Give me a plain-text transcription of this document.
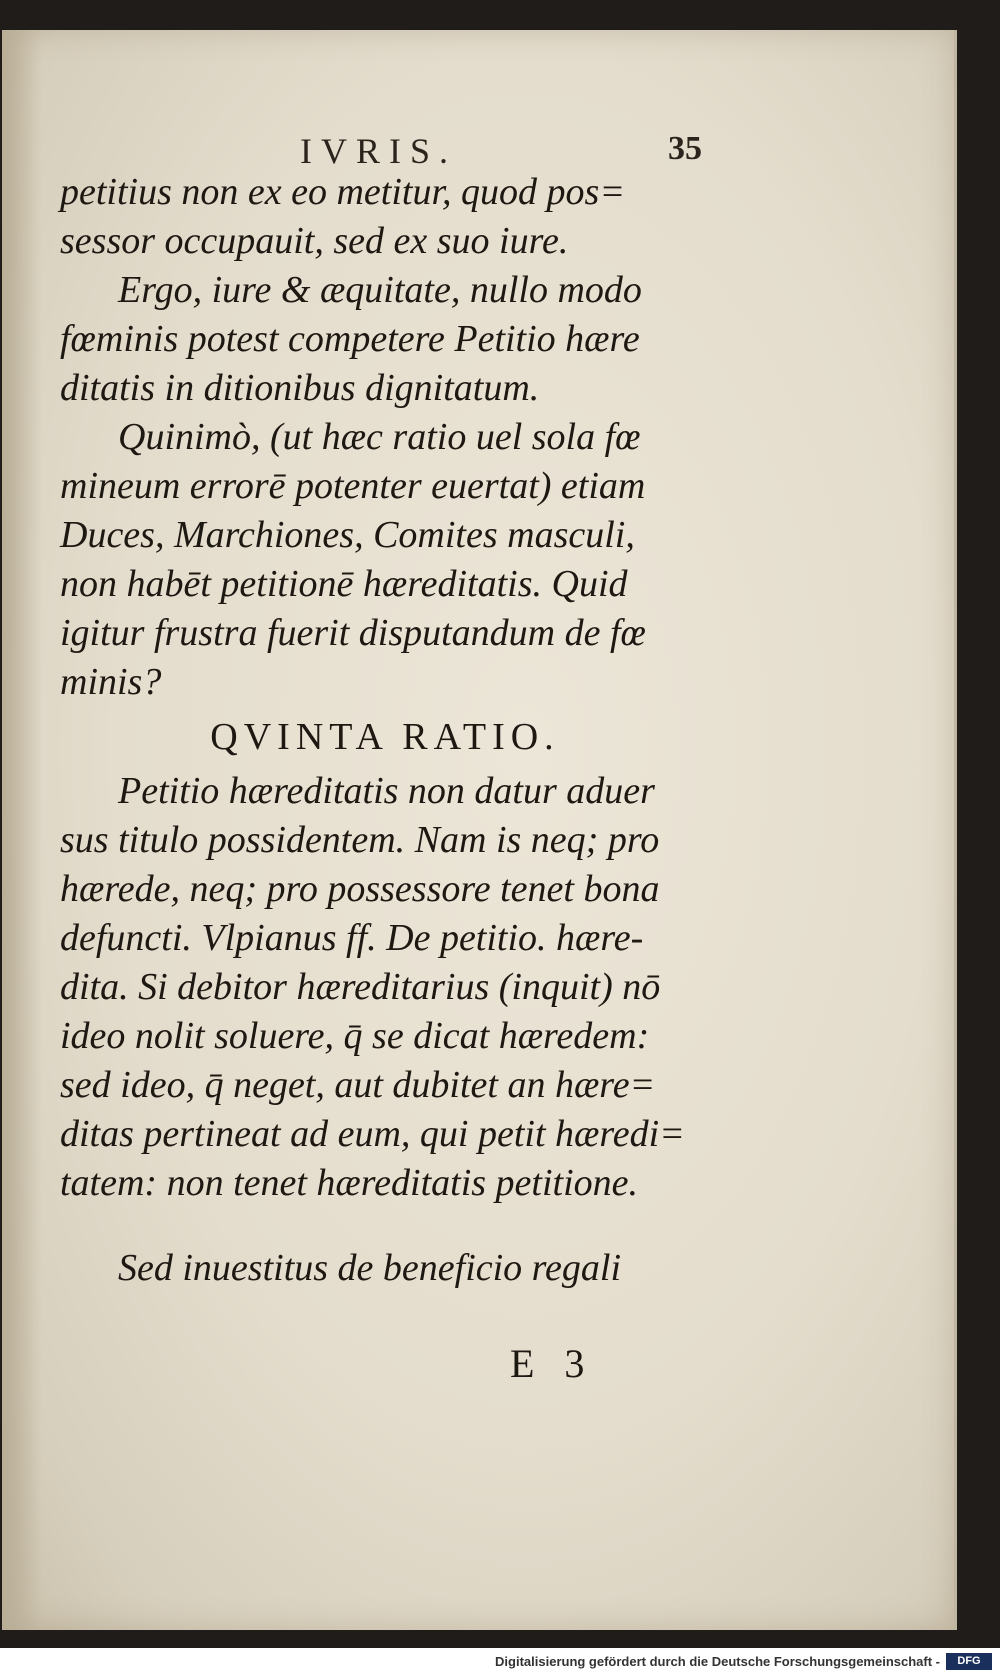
IVRIS.	35
petitius non ex eo metitur, quod pos=
sessor occupauit, sed ex suo iure.
Ergo, iure & æquitate, nullo modo
fœminis potest competere Petitio hære
ditatis in ditionibus dignitatum.
Quinimò, (ut hæc ratio uel sola fœ
mineum errorē potenter euertat) etiam
Duces, Marchiones, Comites masculi,
non habēt petitionē hæreditatis. Quid
igitur frustra fuerit disputandum de fœ
minis?
QVINTA RATIO.
Petitio hæreditatis non datur aduer
sus titulo possidentem. Nam is neq; pro
hærede, neq; pro possessore tenet bona
defuncti. Vlpianus ff. De petitio. hære-
dita. Si debitor hæreditarius (inquit) nō
ideo nolit soluere, q̄ se dicat hæredem:
sed ideo, q̄ neget, aut dubitet an hære=
ditas pertineat ad eum, qui petit hæredi=
tatem: non tenet hæreditatis petitione.
Sed inuestitus de beneficio regali
E 3
Digitalisierung gefördert durch die Deutsche Forschungsgemeinschaft -	DFG
